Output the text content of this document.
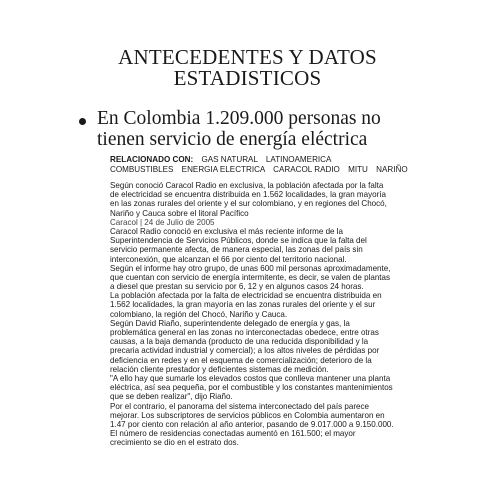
ANTECEDENTES Y DATOS
ESTADISTICOS
En Colombia 1.209.000 personas no
tienen servicio de energía eléctrica
RELACIONADO CON: GAS NATURAL LATINOAMERICA
COMBUSTIBLES ENERGIA ELECTRICA CARACOL RADIO MITU NARIÑO
Según conoció Caracol Radio en exclusiva, la población afectada por la falta
de electricidad se encuentra distribuida en 1.562 localidades, la gran mayoría
en las zonas rurales del oriente y el sur colombiano, y en regiones del Chocó,
Nariño y Cauca sobre el litoral Pacífico
Caracol | 24 de Julio de 2005
Caracol Radio conoció en exclusiva el más reciente informe de la
Superintendencia de Servicios Públicos, donde se indica que la falta del
servicio permanente afecta, de manera especial, las zonas del país sin
interconexión, que alcanzan el 66 por ciento del territorio nacional.
Según el informe hay otro grupo, de unas 600 mil personas aproximadamente,
que cuentan con servicio de energía intermitente, es decir, se valen de plantas
a diesel que prestan su servicio por 6, 12 y en algunos casos 24 horas.
La población afectada por la falta de electricidad se encuentra distribuida en
1.562 localidades, la gran mayoría en las zonas rurales del oriente y el sur
colombiano, la región del Chocó, Nariño y Cauca.
Según David Riaño, superintendente delegado de energía y gas, la
problemática general en las zonas no interconectadas obedece, entre otras
causas, a la baja demanda (producto de una reducida disponibilidad y la
precaria actividad industrial y comercial); a los altos niveles de pérdidas por
deficiencia en redes y en el esquema de comercialización; deterioro de la
relación cliente prestador y deficientes sistemas de medición.
"A ello hay que sumarle los elevados costos que conlleva mantener una planta
eléctrica, así sea pequeña, por el combustible y los constantes mantenimientos
que se deben realizar", dijo Riaño.
Por el contrario, el panorama del sistema interconectado del país parece
mejorar. Los subscriptores de servicios públicos en Colombia aumentaron en
1.47 por ciento con relación al año anterior, pasando de 9.017.000 a 9.150.000.
El número de residencias conectadas aumentó en 161.500; el mayor
crecimiento se dio en el estrato dos.
